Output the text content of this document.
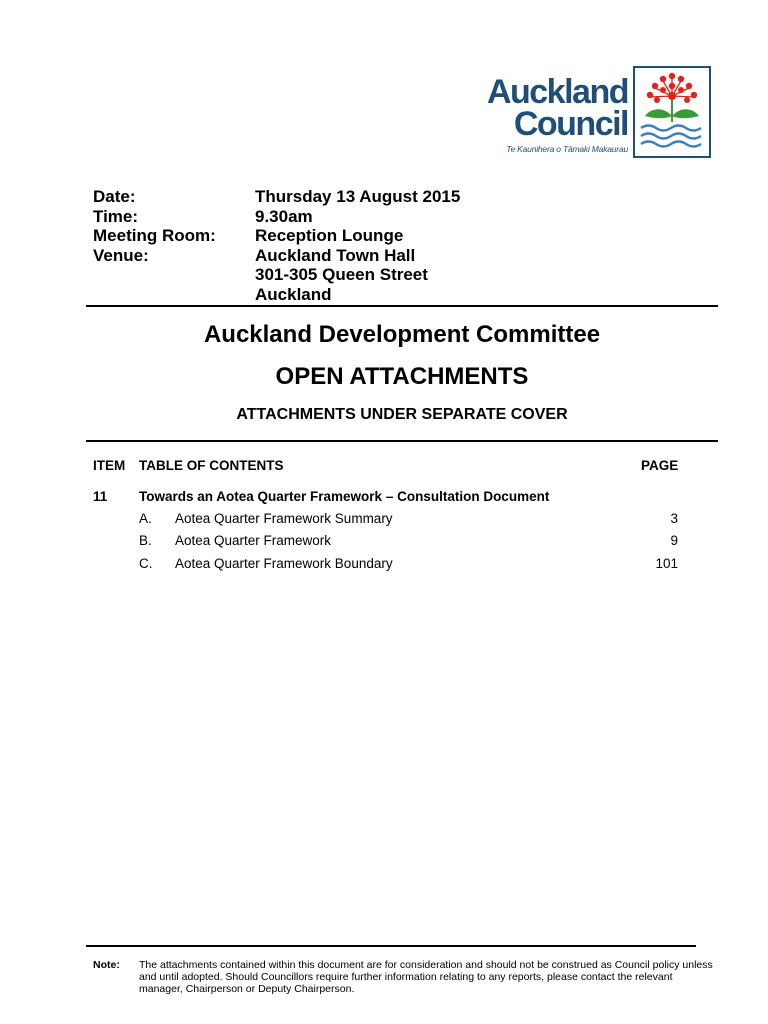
Auckland
Council
Te Kaunihera o Tāmaki Makaurau
Date:	Thursday 13 August 2015
Time:	9.30am
Meeting Room:	Reception Lounge
Venue:	Auckland Town Hall
301-305 Queen Street
Auckland
Auckland Development Committee
OPEN ATTACHMENTS
ATTACHMENTS UNDER SEPARATE COVER
ITEM TABLE OF CONTENTS	PAGE
11 Towards an Aotea Quarter Framework – Consultation Document
A. Aotea Quarter Framework Summary	3
B. Aotea Quarter Framework	9
C. Aotea Quarter Framework Boundary	101
Note:	The attachments contained within this document are for consideration and should not be construed as Council policy unless and until adopted. Should Councillors require further information relating to any reports, please contact the relevant manager, Chairperson or Deputy Chairperson.
